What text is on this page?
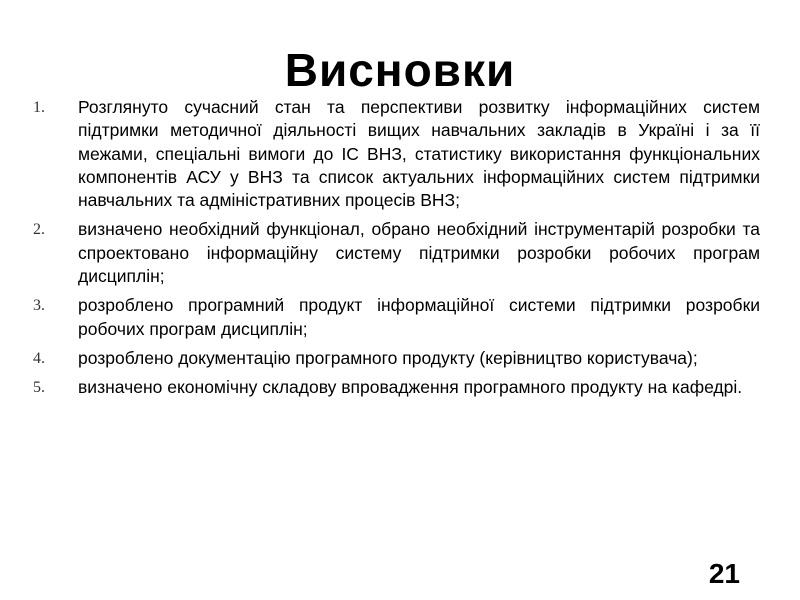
Висновки
1.	Розглянуто сучасний стан та перспективи розвитку інформаційних систем підтримки методичної діяльності вищих навчальних закладів в Україні і за її межами, спеціальні вимоги до ІС ВНЗ, статистику використання функціональних компонентів АСУ у ВНЗ та список актуальних інформаційних систем підтримки навчальних та адміністративних процесів ВНЗ;
2.	визначено необхідний функціонал, обрано необхідний інструментарій розробки та спроектовано інформаційну систему підтримки розробки робочих програм дисциплін;
3.	розроблено програмний продукт інформаційної системи підтримки розробки робочих програм дисциплін;
4.	розроблено документацію програмного продукту (керівництво користувача);
5.	визначено економічну складову впровадження програмного продукту на кафедрі.
21
